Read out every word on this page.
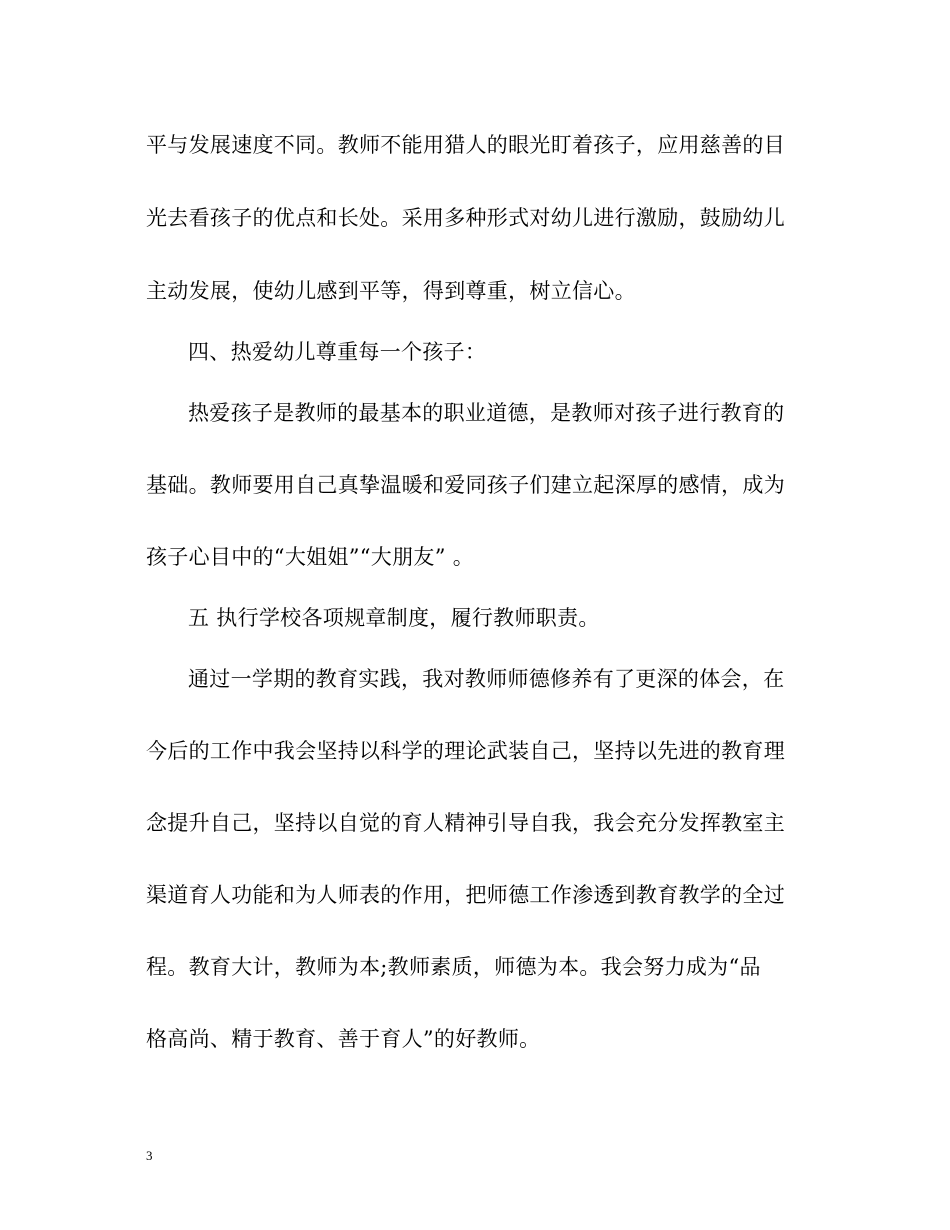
平与发展速度不同。教师不能用猎人的眼光盯着孩子，应用慈善的目
光去看孩子的优点和长处。采用多种形式对幼儿进行激励，鼓励幼儿
主动发展，使幼儿感到平等，得到尊重，树立信心。
四、热爱幼儿尊重每一个孩子：
热爱孩子是教师的最基本的职业道德，是教师对孩子进行教育的
基础。教师要用自己真挚温暖和爱同孩子们建立起深厚的感情，成为
孩子心目中的“大姐姐”“大朋友” 。
五 执行学校各项规章制度，履行教师职责。
通过一学期的教育实践，我对教师师德修养有了更深的体会，在
今后的工作中我会坚持以科学的理论武装自己，坚持以先进的教育理
念提升自己，坚持以自觉的育人精神引导自我，我会充分发挥教室主
渠道育人功能和为人师表的作用，把师德工作渗透到教育教学的全过
程。教育大计，教师为本;教师素质，师德为本。我会努力成为“品
格高尚、精于教育、善于育人”的好教师。
3
